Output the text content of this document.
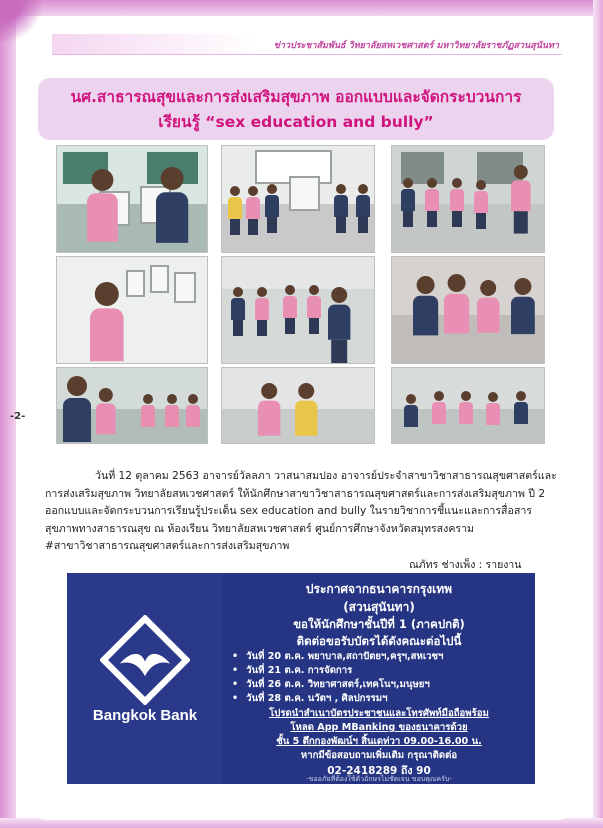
ข่าวประชาสัมพันธ์ วิทยาลัยสหเวชศาสตร์ มหาวิทยาลัยราชภัฏสวนสุนันทา
นศ.สาธารณสุขและการส่งเสริมสุขภาพ ออกแบบและจัดกระบวนการ
เรียนรู้ “sex education and bully”
-2-

วันที่ 12 ตุลาคม 2563 อาจารย์วัลลภา วาสนาสมปอง อาจารย์ประจำสาขาวิชาสาธารณสุขศาสตร์และการส่งเสริมสุขภาพ วิทยาลัยสหเวชศาสตร์ ให้นักศึกษาสาขาวิชาสาธารณสุขศาสตร์และการส่งเสริมสุขภาพ ปี 2 ออกแบบและจัดกระบวนการเรียนรู้ประเด็น sex education and bully ในรายวิชาการชี้แนะและการสื่อสารสุขภาพทางสาธารณสุข ณ ห้องเรียน วิทยาลัยสหเวชศาสตร์ ศูนย์การศึกษาจังหวัดสมุทรสงคราม

#สาขาวิชาสาธารณสุขศาสตร์และการส่งเสริมสุขภาพ
ณภัทร ช่างเพ็ง : รายงาน
Bangkok Bank
ประกาศจากธนาคารกรุงเทพ
(สวนสุนันทา)
ขอให้นักศึกษาชั้นปีที่ 1 (ภาคปกติ)
ติดต่อขอรับบัตรได้ดังคณะต่อไปนี้
• วันที่ 20 ต.ค. พยาบาล,สถาปัตยฯ,ครุฯ,สหเวชฯ
• วันที่ 21 ต.ค. การจัดการ
• วันที่ 26 ต.ค. วิทยาศาสตร์,เทคโนฯ,มนุษยฯ
• วันที่ 28 ต.ค. นวัตฯ , ศิลปกรรมฯ
โปรดนำสำเนาบัตรประชาชนและโทรศัพท์มือถือพร้อม
โหลด App MBanking ของธนาคารด้วย
ชั้น 5 ตึกกองพัฒน์ฯ สิ้นเดท่วา 09.00-16.00 น.
หากมีข้อสอบถามเพิ่มเติม กรุณาติดต่อ
02-2418289 ถึง 90
-ขออภัยที่ต้องใช้ตัวอักษรไม่ชัดเจน ขอบคุณครับ-
